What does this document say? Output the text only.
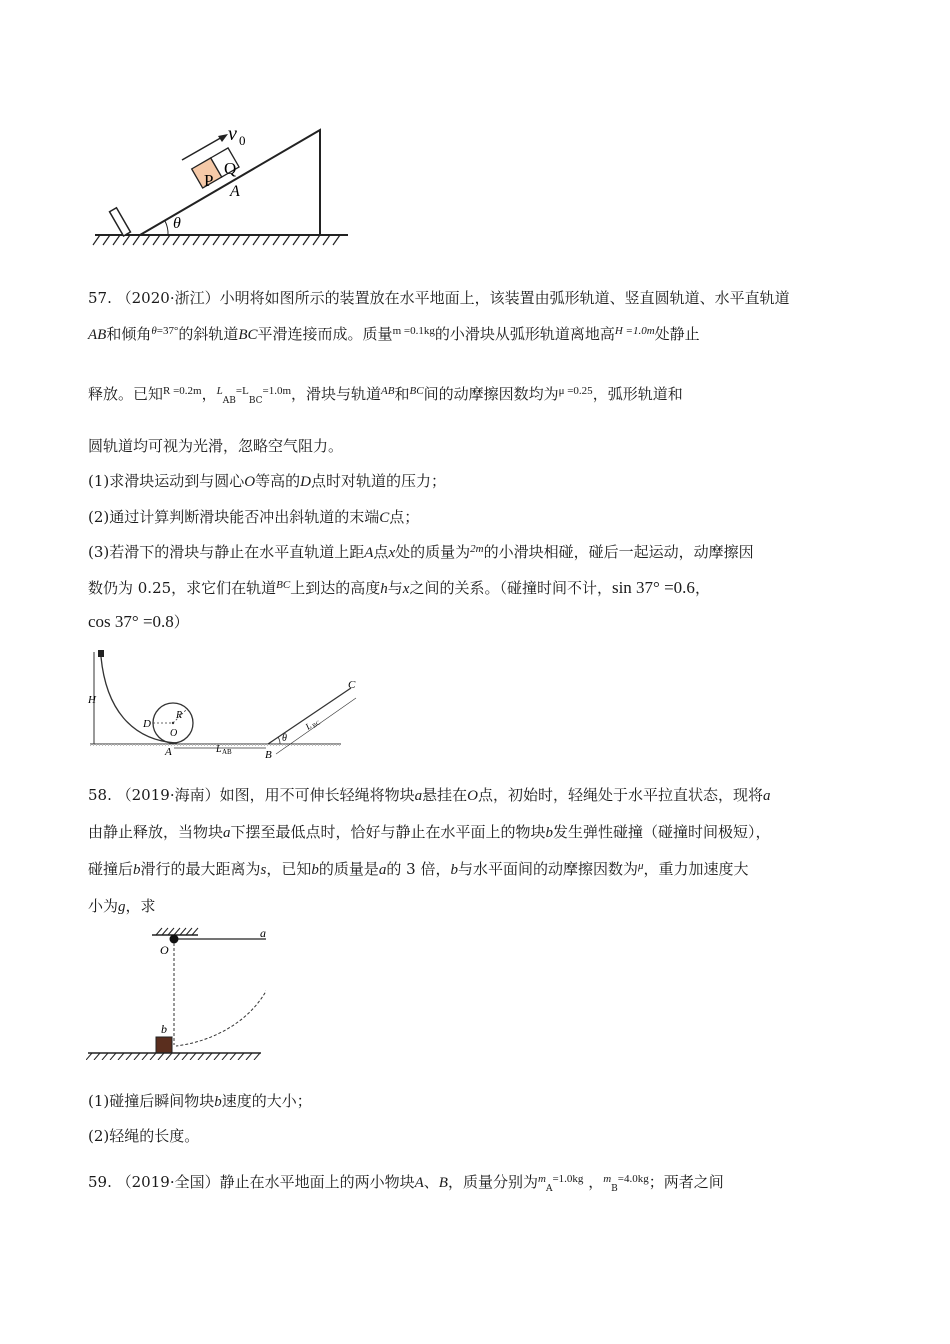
v 0
P
Q
A
θ
57. （2020·浙江）小明将如图所示的装置放在水平地面上，该装置由弧形轨道、竖直圆轨道、水平直轨道
AB和倾角$^{\theta=37^\circ}$的斜轨道BC平滑连接而成。质量$^{m =0.1kg}$的小滑块从弧形轨道离地高$^{H =1.0m}$处静止
释放。已知$^{R =0.2m}$，$^L_{AB}^{=L}_{BC}^{=1.0m}$，滑块与轨道$^{AB}$和$^{BC}$间的动摩擦因数均为$^{\mu =0.25}$，弧形轨道和
圆轨道均可视为光滑，忽略空气阻力。
(1)求滑块运动到与圆心O等高的D点时对轨道的压力；
(2)通过计算判断滑块能否冲出斜轨道的末端C点；
(3)若滑下的滑块与静止在水平直轨道上距A点x处的质量为$^{2m}$的小滑块相碰，碰后一起运动，动摩擦因
数仍为 0.25，求它们在轨道$^{BC}$上到达的高度h与x之间的关系。（碰撞时间不计，sin 37° =0.6，
cos 37° =0.8）
H
D
R
O
A	B
L AB
θ
C
L
BC
58. （2019·海南）如图，用不可伸长轻绳将物块a悬挂在O点，初始时，轻绳处于水平拉直状态，现将a
由静止释放，当物块a下摆至最低点时，恰好与静止在水平面上的物块b发生弹性碰撞（碰撞时间极短），
碰撞后b滑行的最大距离为s，已知b的质量是a的 3 倍，b与水平面间的动摩擦因数为$^\mu$，重力加速度大
小为g，求
O
a
b
(1)碰撞后瞬间物块b速度的大小；
(2)轻绳的长度。
59. （2019·全国）静止在水平地面上的两小物块A、B，质量分别为$^m_A^{=1.0kg}$ ，$^m_B^{=4.0kg}$；两者之间
